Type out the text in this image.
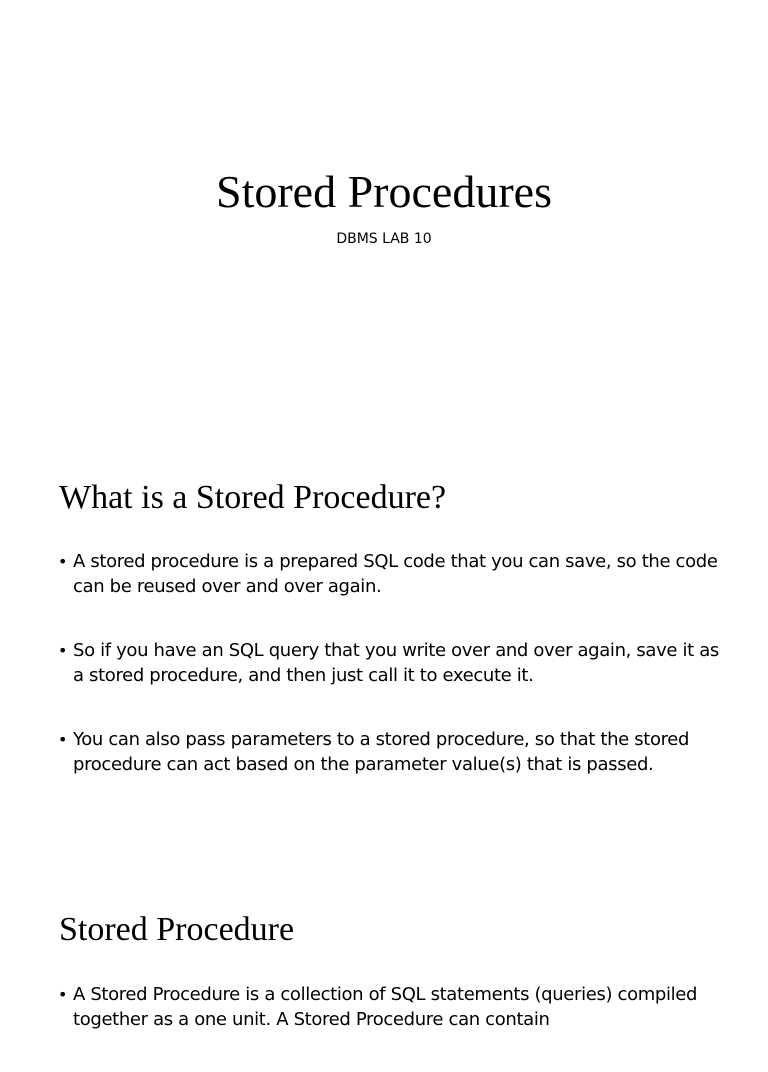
Stored Procedures
DBMS LAB 10
What is a Stored Procedure?
• A stored procedure is a prepared SQL code that you can save, so the code can be reused over and over again.
• So if you have an SQL query that you write over and over again, save it as a stored procedure, and then just call it to execute it.
• You can also pass parameters to a stored procedure, so that the stored procedure can act based on the parameter value(s) that is passed.
Stored Procedure
• A Stored Procedure is a collection of SQL statements (queries) compiled together as a one unit. A Stored Procedure can contain
